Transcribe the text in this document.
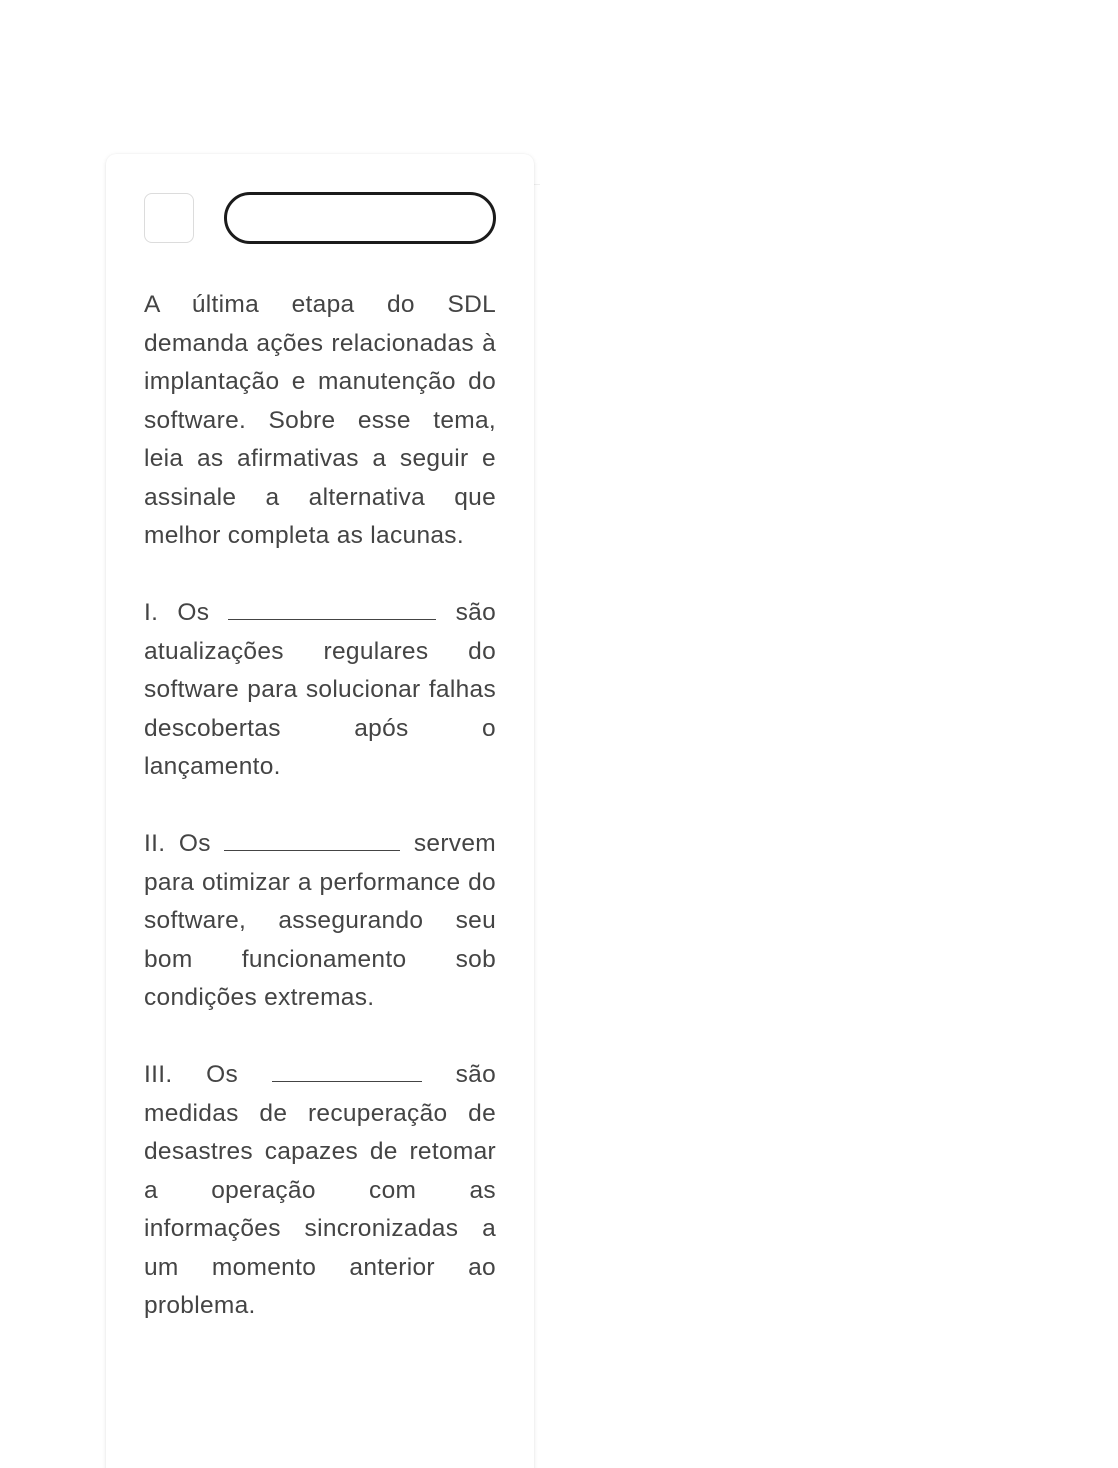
A última etapa do SDL demanda ações relacionadas à implantação e manutenção do software. Sobre esse tema, leia as afirmativas a seguir e assinale a alternativa que melhor completa as lacunas.

I. Os	são atualizações regulares do software para solucionar falhas descobertas após o lançamento.

II. Os	servem para otimizar a performance do software, assegurando seu bom funcionamento sob condições extremas.

III. Os	são medidas de recuperação de desastres capazes de retomar a operação com as informações sincronizadas a um momento anterior ao problema.
